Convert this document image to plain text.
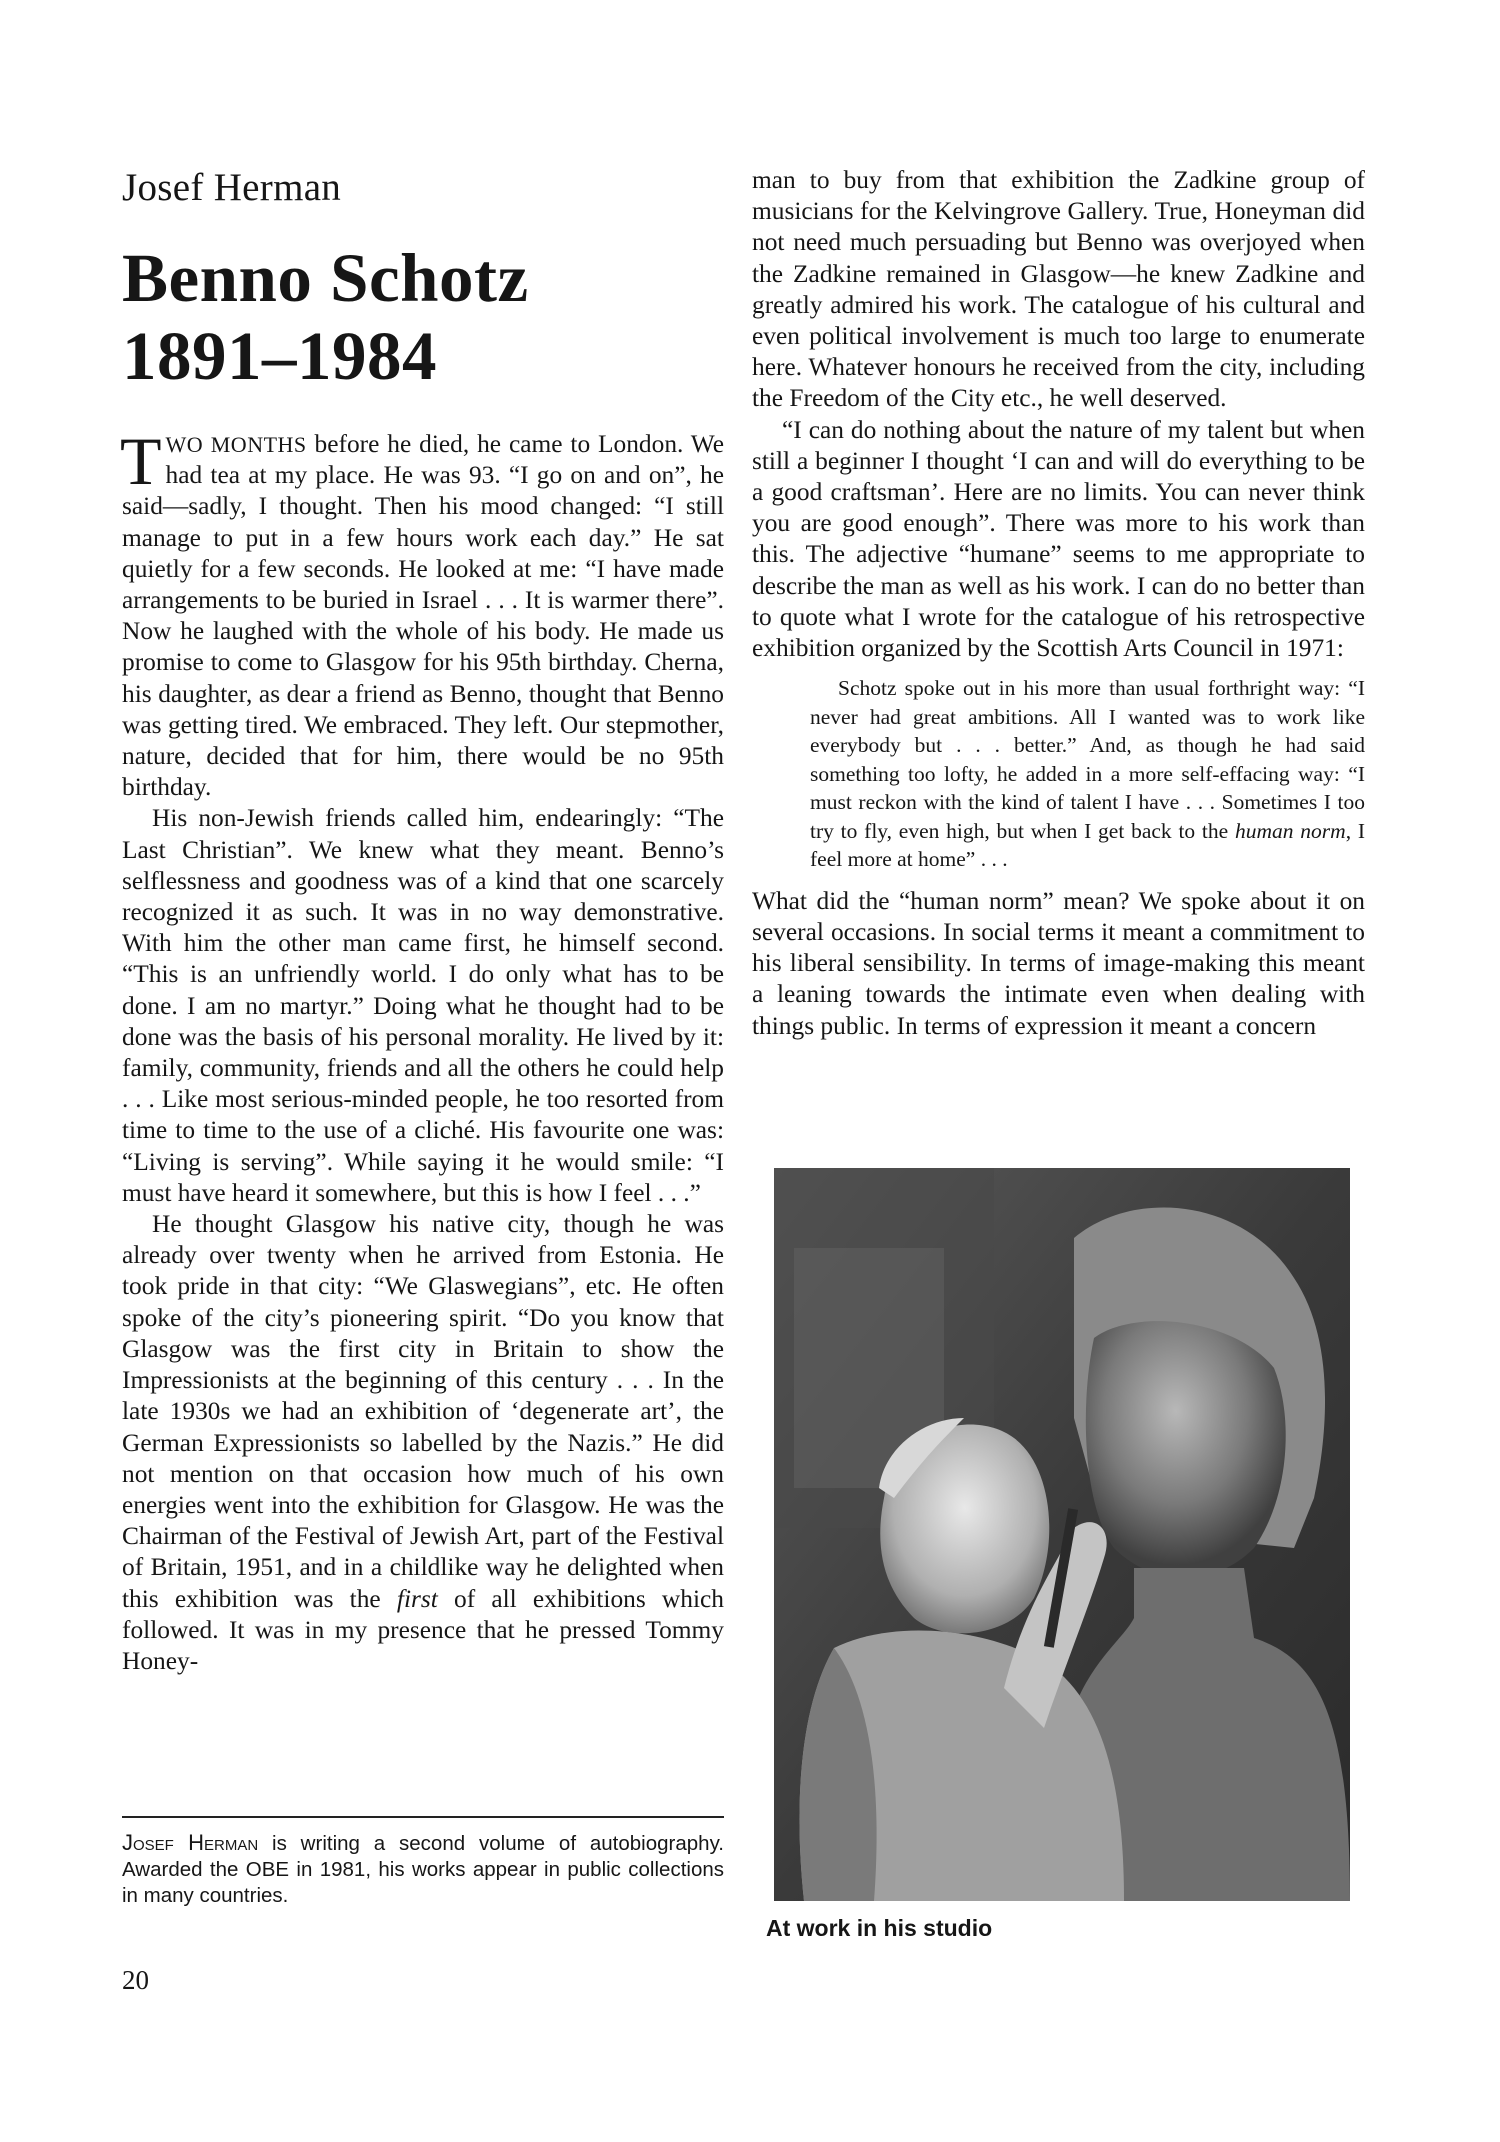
Josef Herman
Benno Schotz
1891–1984

TWO MONTHS before he died, he came to London. We had tea at my place. He was 93. “I go on and on”, he said—sadly, I thought. Then his mood changed: “I still manage to put in a few hours work each day.” He sat quietly for a few seconds. He looked at me: “I have made arrangements to be buried in Israel . . . It is warmer there”. Now he laughed with the whole of his body. He made us promise to come to Glasgow for his 95th birthday. Cherna, his daughter, as dear a friend as Benno, thought that Benno was getting tired. We embraced. They left. Our stepmother, nature, decided that for him, there would be no 95th birthday.

His non-Jewish friends called him, endearingly: “The Last Christian”. We knew what they meant. Benno’s selflessness and goodness was of a kind that one scarcely recognized it as such. It was in no way demonstrative. With him the other man came first, he himself second. “This is an unfriendly world. I do only what has to be done. I am no martyr.” Doing what he thought had to be done was the basis of his personal morality. He lived by it: family, community, friends and all the others he could help . . . Like most serious-minded people, he too resorted from time to time to the use of a cliché. His favourite one was: “Living is serving”. While saying it he would smile: “I must have heard it somewhere, but this is how I feel . . .”

He thought Glasgow his native city, though he was already over twenty when he arrived from Estonia. He took pride in that city: “We Glaswegians”, etc. He often spoke of the city’s pioneering spirit. “Do you know that Glasgow was the first city in Britain to show the Impressionists at the beginning of this century . . . In the late 1930s we had an exhibition of ‘degenerate art’, the German Expressionists so labelled by the Nazis.” He did not mention on that occasion how much of his own energies went into the exhibition for Glasgow. He was the Chairman of the Festival of Jewish Art, part of the Festival of Britain, 1951, and in a childlike way he delighted when this exhibition was the first of all exhibitions which followed. It was in my presence that he pressed Tommy Honey-

man to buy from that exhibition the Zadkine group of musicians for the Kelvingrove Gallery. True, Honeyman did not need much persuading but Benno was overjoyed when the Zadkine remained in Glasgow—he knew Zadkine and greatly admired his work. The catalogue of his cultural and even political involvement is much too large to enumerate here. Whatever honours he received from the city, including the Freedom of the City etc., he well deserved.

“I can do nothing about the nature of my talent but when still a beginner I thought ‘I can and will do everything to be a good craftsman’. Here are no limits. You can never think you are good enough”. There was more to his work than this. The adjective “humane” seems to me appropriate to describe the man as well as his work. I can do no better than to quote what I wrote for the catalogue of his retrospective exhibition organized by the Scottish Arts Council in 1971:

Schotz spoke out in his more than usual forthright way: “I never had great ambitions. All I wanted was to work like everybody but . . . better.” And, as though he had said something too lofty, he added in a more self-effacing way: “I must reckon with the kind of talent I have . . . Sometimes I too try to fly, even high, but when I get back to the human norm, I feel more at home” . . .

What did the “human norm” mean? We spoke about it on several occasions. In social terms it meant a commitment to his liberal sensibility. In terms of image-making this meant a leaning towards the intimate even when dealing with things public. In terms of expression it meant a concern

Josef Herman is writing a second volume of autobiography. Awarded the OBE in 1981, his works appear in public collections in many countries.
At work in his studio
20
